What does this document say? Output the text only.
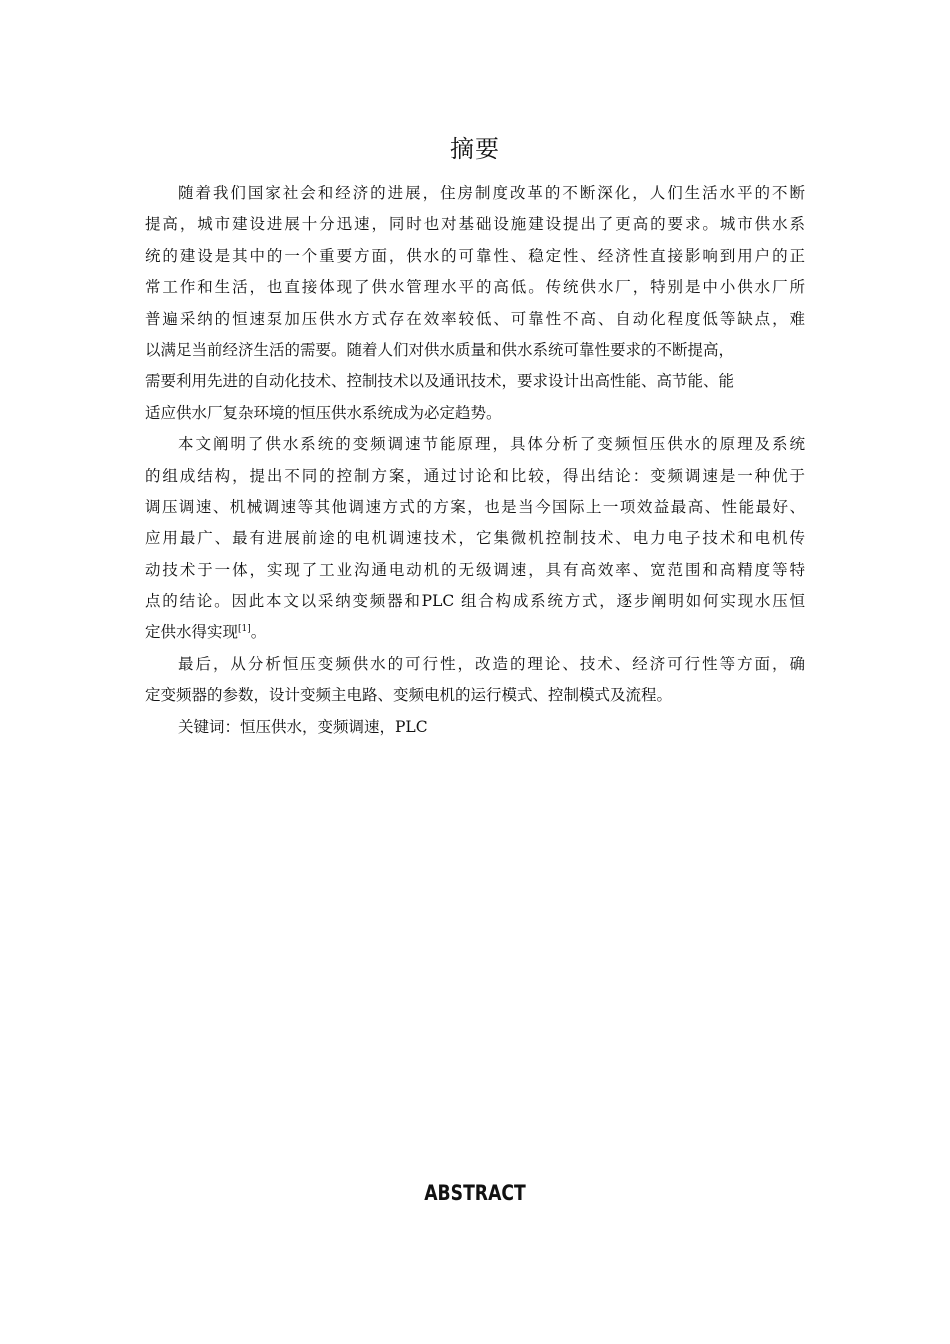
摘要
随着我们国家社会和经济的进展，住房制度改革的不断深化，人们生活水平的不断
提高，城市建设进展十分迅速，同时也对基础设施建设提出了更高的要求。城市供水系
统的建设是其中的一个重要方面，供水的可靠性、稳定性、经济性直接影响到用户的正
常工作和生活，也直接体现了供水管理水平的高低。传统供水厂，特别是中小供水厂所
普遍采纳的恒速泵加压供水方式存在效率较低、可靠性不高、自动化程度低等缺点，难
以满足当前经济生活的需要。随着人们对供水质量和供水系统可靠性要求的不断提高，
需要利用先进的自动化技术、控制技术以及通讯技术，要求设计出高性能、高节能、能
适应供水厂复杂环境的恒压供水系统成为必定趋势。
本文阐明了供水系统的变频调速节能原理，具体分析了变频恒压供水的原理及系统
的组成结构，提出不同的控制方案，通过讨论和比较，得出结论：变频调速是一种优于
调压调速、机械调速等其他调速方式的方案，也是当今国际上一项效益最高、性能最好、
应用最广、最有进展前途的电机调速技术，它集微机控制技术、电力电子技术和电机传
动技术于一体，实现了工业沟通电动机的无级调速，具有高效率、宽范围和高精度等特
点的结论。因此本文以采纳变频器和PLC 组合构成系统方式，逐步阐明如何实现水压恒
定供水得实现[1]。
最后，从分析恒压变频供水的可行性，改造的理论、技术、经济可行性等方面，确
定变频器的参数，设计变频主电路、变频电机的运行模式、控制模式及流程。
关键词：恒压供水，变频调速，PLC
ABSTRACT
